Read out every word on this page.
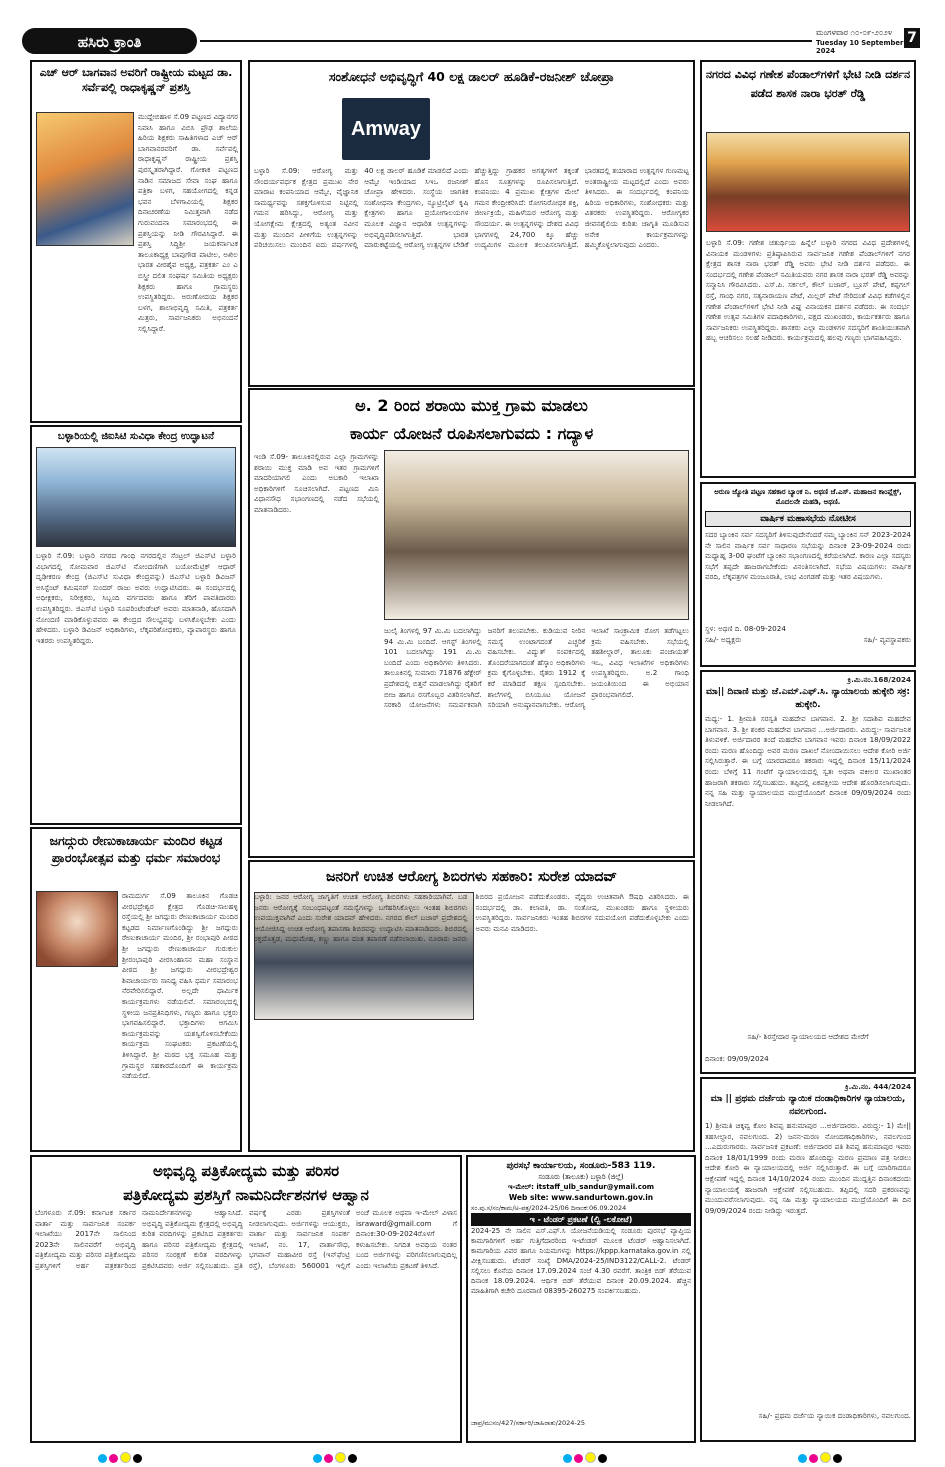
ಹಸಿರು ಕ್ರಾಂತಿ
ಮಂಗಳವಾರ ೧೦-೦೯-೨೦೨೪
Tuesday 10 September 2024
7
ಎಚ್ ಆರ್ ಬಾಗವಾನ ಅವರಿಗೆ ರಾಷ್ಟ್ರೀಯ ಮಟ್ಟದ ಡಾ. ಸರ್ವೆಪಲ್ಲಿ ರಾಧಾಕೃಷ್ಣನ್ ಪ್ರಶಸ್ತಿ
ಮುದ್ದೇಬಿಹಾಳ ಸೆ.09 ಪಟ್ಟಣದ ವಿದ್ಯಾನಗರ ನಿವಾಸಿ ಹಾಗೂ ವಿಬಿಸಿ ಪ್ರೌಢ ಶಾಲೆಯ ಹಿರಿಯ ಶಿಕ್ಷಕರು ಸಾಹಿತಿಗಳಾದ ಎಚ್ ಆರ್ ಬಾಗವಾನರವರಿಗೆ ಡಾ. ಸರ್ವೆಪಲ್ಲಿ ರಾಧಾಕೃಷ್ಣನ್ ರಾಷ್ಟ್ರೀಯ ಪ್ರಶಸ್ತಿ ಪುರಸ್ಕೃತರಾಗಿದ್ದಾರೆ. ಗೋಕಾಕ ಪಟ್ಟಣದ ನಾಡಿನ ಸಮಾಜದ ಸೇವಾ ಸಂಘ ಹಾಗೂ ಪತ್ರಿಕಾ ಬಳಗ, ಸಹಯೋಗದಲ್ಲಿ ಕನ್ನಡ ಭವನ ಬೆಳಗಾವಿಯಲ್ಲಿ ಶಿಕ್ಷಕರ ದಿನಾಚರಣೆಯ ನಿಮಿತ್ತವಾಗಿ ನಡೆದ ಗುರುವಂದನಾ ಸಮಾರಂಭದಲ್ಲಿ ಈ ಪ್ರಶಸ್ತಿಯನ್ನು ನೀಡಿ ಗೌರವಿಸಿದ್ದಾರೆ. ಈ ಪ್ರಶಸ್ತಿ ಸಿದ್ಧಿಶ್ರೀ ಜಯಕರ್ನಾಟಕ ತಾಲೂಕಾಧ್ಯಕ್ಷ ಬಾಪುಗೌಡ ಪಾಟೀಲ, ಅಖಿಲ ಭಾರತ ವೀರಶೈವ ಅಧ್ಯಕ್ಷ, ಪತ್ರಕರ್ತ ಎಂ ಎ ಬಿಸ್ತ್ರೀ ದಲಿತ ಸಂಘರ್ಷ ಸಮಿತಿಯ ಅಧ್ಯಕ್ಷರು ಶಿಕ್ಷಕರು ಹಾಗೂ ಗ್ರಾಮಸ್ಥರು ಉಪಸ್ಥಿತರಿದ್ದರು. ಅರುಣೋದಯ ಶಿಕ್ಷಕರ ಬಳಗ, ಶಾಲಾಭಿವೃದ್ಧಿ ಸಮಿತಿ, ಪತ್ರಕರ್ತ ಮಿತ್ರರು, ಸಾರ್ವಜನಿಕರು ಅಭಿನಂದನೆ ಸಲ್ಲಿಸಿದ್ದಾರೆ.
ಬಳ್ಳಾರಿಯಲ್ಲಿ ಜಿಐಸಿಟಿ ಸುವಿಧಾ ಕೇಂದ್ರ ಉದ್ಘಾಟನೆ
ಬಳ್ಳಾರಿ ಸೆ.09: ಬಳ್ಳಾರಿ ನಗರದ ಗಾಂಧಿ ನಗರದಲ್ಲಿನ ಸೆಂಟ್ರಲ್ ಜಿಎಸ್‌ಟಿ ಬಳ್ಳಾರಿ ವಿಭಾಗದಲ್ಲಿ ಸೋಮವಾರ ಜಿಎಸ್‌ಟಿ ನೋಂದಣಿಗಾಗಿ ಬಯೋಮೆಟ್ರಿಕ್ ಆಧಾರ್ ದೃಢೀಕರಣ ಕೇಂದ್ರ (ಜಿಎಸ್‌ಟಿ ಸುವಿಧಾ ಕೇಂದ್ರವನ್ನು) ಜಿಎಸ್‌ಟಿ ಬಳ್ಳಾರಿ ಡಿವಿಜನ್ ಅಸಿಸ್ಟೆಂಟ್ ಕಮಿಷನರ್ ಸುಂದರ್ ರಾಜು ಅವರು ಉದ್ಘಾಟಿಸಿದರು. ಈ ಸಂದರ್ಭದಲ್ಲಿ ಅಧೀಕ್ಷಕರು, ನಿರೀಕ್ಷಕರು, ಸಿಬ್ಬಂದಿ ವರ್ಗದವರು ಹಾಗೂ ತೆರಿಗೆ ಪಾವತಿದಾರರು ಉಪಸ್ಥಿತರಿದ್ದರು. ಜಿಎಸ್‌ಟಿ ಬಳ್ಳಾರಿ ಸೂಪರಿಂಟೆಂಡೆಂಟ್ ಅವರು ಮಾತನಾಡಿ, ಹೊಸದಾಗಿ ನೋಂದಣಿ ಮಾಡಿಕೊಳ್ಳುವವರು ಈ ಕೇಂದ್ರದ ಸೌಲಭ್ಯವನ್ನು ಬಳಸಿಕೊಳ್ಳಬೇಕು ಎಂದು ಹೇಳಿದರು. ಬಳ್ಳಾರಿ ಡಿವಿಜನ್ ಅಧಿಕಾರಿಗಳು, ಲೆಕ್ಕಪರಿಶೋಧಕರು, ವ್ಯಾಪಾರಸ್ಥರು ಹಾಗೂ ಇತರರು ಉಪಸ್ಥಿತರಿದ್ದರು.
ಜಗದ್ಗುರು ರೇಣುಕಾಚಾರ್ಯ ಮಂದಿರ ಕಟ್ಟಡ ಪ್ರಾರಂಭೋತ್ಸವ ಮತ್ತು ಧರ್ಮ ಸಮಾರಂಭ
ರಾಮದುರ್ಗ ಸೆ.09 ತಾಲೂಕಿನ ಗೊಡಚಿ ವೀರಭದ್ರೇಶ್ವರ ಕ್ಷೇತ್ರದ ಗೊಡಚಿ-ಸಾಲಹಳ್ಳಿ ರಸ್ತೆಯಲ್ಲಿ ಶ್ರೀ ಜಗದ್ಗುರು ರೇಣುಕಾಚಾರ್ಯ ಮಂದಿರ ಕಟ್ಟಡದ ನಿರ್ಮಾಣಗೊಂಡಿದ್ದು ಶ್ರೀ ಜಗದ್ಗುರು ರೇಣುಕಾಚಾರ್ಯ ಮಂದಿರ, ಶ್ರೀ ರಂಭಾಪುರಿ ಪೀಠದ ಶ್ರೀ ಜಗದ್ಗುರು ರೇಣುಕಾಚಾರ್ಯ ಗುರುಕುಲ ಶ್ರೀರಂಭಾಪುರಿ ವೀರಸಿಂಹಾಸನ ಮಹಾ ಸಂಸ್ಥಾನ ಪೀಠದ ಶ್ರೀ ಜಗದ್ಗುರು ವೀರಭದ್ರೇಶ್ವರ ಶಿವಾಚಾರ್ಯರು ಸಾನಿಧ್ಯ ವಹಿಸಿ ಧರ್ಮ ಸಮಾರಂಭ ನೆರವೇರಿಸಲಿದ್ದಾರೆ. ಅಲ್ಲದೇ ಧಾರ್ಮಿಕ ಕಾರ್ಯಕ್ರಮಗಳು ನಡೆಯಲಿವೆ. ಸಮಾರಂಭದಲ್ಲಿ ಸ್ಥಳೀಯ ಜನಪ್ರತಿನಿಧಿಗಳು, ಗಣ್ಯರು ಹಾಗೂ ಭಕ್ತರು ಭಾಗವಹಿಸಲಿದ್ದಾರೆ. ಭಕ್ತಾದಿಗಳು ಆಗಮಿಸಿ ಕಾರ್ಯಕ್ರಮವನ್ನು ಯಶಸ್ವಿಗೊಳಿಸಬೇಕೆಂದು ಕಾರ್ಯಕ್ರಮ ಸಂಘಟಕರು ಪ್ರಕಟಣೆಯಲ್ಲಿ ತಿಳಿಸಿದ್ದಾರೆ. ಶ್ರೀ ಮಠದ ಭಕ್ತ ಸಮೂಹ ಮತ್ತು ಗ್ರಾಮಸ್ಥರ ಸಹಕಾರದೊಂದಿಗೆ ಈ ಕಾರ್ಯಕ್ರಮ ನಡೆಯಲಿದೆ.
ಸಂಶೋಧನೆ ಅಭಿವೃದ್ಧಿಗೆ 40 ಲಕ್ಷ ಡಾಲರ್ ಹೂಡಿಕೆ-ರಜನೀಶ್ ಚೋಪ್ರಾ
Amway
ಬಳ್ಳಾರಿ ಸೆ.09: ಆರೋಗ್ಯ ಮತ್ತು ಸೌಂದರ್ಯವರ್ಧಕ ಕ್ಷೇತ್ರದ ಪ್ರಮುಖ ನೇರ ಮಾರಾಟ ಕಂಪನಿಯಾದ ಆಮ್ವೇ, ವೈಜ್ಞಾನಿಕ ಸಾಮರ್ಥ್ಯವನ್ನು ಸಶಕ್ತಗೊಳಿಸುವ ನಿಟ್ಟಿನಲ್ಲಿ ಗಮನ ಹರಿಸಿದ್ದು, ಆರೋಗ್ಯ ಮತ್ತು ಯೋಗಕ್ಷೇಮ ಕ್ಷೇತ್ರದಲ್ಲಿ ಅತ್ಯಂತ ನವೀನ ಮತ್ತು ಮುಂದಿನ ಪೀಳಿಗೆಯ ಉತ್ಪನ್ನಗಳನ್ನು ಪರಿಚಯಿಸಲು ಮುಂದಿನ ಐದು ವರ್ಷಗಳಲ್ಲಿ 40 ಲಕ್ಷ ಡಾಲರ್ ಹೂಡಿಕೆ ಮಾಡಲಿದೆ ಎಂದು ಆಮ್ವೇ ಇಂಡಿಯಾದ ಸಿಇಒ ರಜನೀಶ್ ಚೋಪ್ರಾ ಹೇಳಿದರು. ಸಂಸ್ಥೆಯ ಜಾಗತಿಕ ಸಂಶೋಧನಾ ಕೇಂದ್ರಗಳು, ನ್ಯೂಟ್ರಿಲೈಟ್ ಕೃಷಿ ಕ್ಷೇತ್ರಗಳು ಹಾಗೂ ಪ್ರಯೋಗಾಲಯಗಳ ಮೂಲಕ ವಿಜ್ಞಾನ ಆಧಾರಿತ ಉತ್ಪನ್ನಗಳನ್ನು ಅಭಿವೃದ್ಧಿಪಡಿಸಲಾಗುತ್ತಿದೆ. ಭಾರತ ಮಾರುಕಟ್ಟೆಯಲ್ಲಿ ಆರೋಗ್ಯ ಉತ್ಪನ್ನಗಳ ಬೇಡಿಕೆ ಹೆಚ್ಚುತ್ತಿದ್ದು ಗ್ರಾಹಕರ ಅಗತ್ಯಗಳಿಗೆ ತಕ್ಕಂತೆ ಹೊಸ ಸೂತ್ರಗಳನ್ನು ರೂಪಿಸಲಾಗುತ್ತಿದೆ. ಕಂಪನಿಯು 4 ಪ್ರಮುಖ ಕ್ಷೇತ್ರಗಳ ಮೇಲೆ ಗಮನ ಕೇಂದ್ರೀಕರಿಸಿದೆ: ರೋಗನಿರೋಧಕ ಶಕ್ತಿ, ಜೀರ್ಣಕ್ರಿಯೆ, ಮಹಿಳೆಯರ ಆರೋಗ್ಯ ಮತ್ತು ಸೌಂದರ್ಯ. ಈ ಉತ್ಪನ್ನಗಳನ್ನು ದೇಶದ ವಿವಿಧ ಭಾಗಗಳಲ್ಲಿ 24,700 ಕ್ಕೂ ಹೆಚ್ಚು ಉದ್ಯಮಿಗಳ ಮೂಲಕ ತಲುಪಿಸಲಾಗುತ್ತಿದೆ. ಭಾರತದಲ್ಲಿ ತಯಾರಾದ ಉತ್ಪನ್ನಗಳ ಗುಣಮಟ್ಟ ಅಂತರಾಷ್ಟ್ರೀಯ ಮಟ್ಟದಲ್ಲಿದೆ ಎಂದು ಅವರು ತಿಳಿಸಿದರು. ಈ ಸಂದರ್ಭದಲ್ಲಿ ಕಂಪನಿಯ ಹಿರಿಯ ಅಧಿಕಾರಿಗಳು, ಸಂಶೋಧಕರು ಮತ್ತು ವಿತರಕರು ಉಪಸ್ಥಿತರಿದ್ದರು. ಆರೋಗ್ಯಕರ ಜೀವನಶೈಲಿಯ ಕುರಿತು ಜಾಗೃತಿ ಮೂಡಿಸುವ ಅನೇಕ ಕಾರ್ಯಕ್ರಮಗಳನ್ನು ಹಮ್ಮಿಕೊಳ್ಳಲಾಗುವುದು ಎಂದರು.
ನಗರದ ವಿವಿಧ ಗಣೇಶ ಪೆಂಡಾಲ್‌ಗಳಿಗೆ ಭೇಟಿ ನೀಡಿ ದರ್ಶನ ಪಡೆದ ಶಾಸಕ ನಾರಾ ಭರತ್ ರೆಡ್ಡಿ
ಬಳ್ಳಾರಿ ಸೆ.09: ಗಣೇಶ ಚತುರ್ಥಿಯ ಹಿನ್ನೆಲೆ ಬಳ್ಳಾರಿ ನಗರದ ವಿವಿಧ ಪ್ರದೇಶಗಳಲ್ಲಿ ವಿನಾಯಕ ಮಂಡಳಿಗಳು ಪ್ರತಿಷ್ಠಾಪಿಸಿರುವ ಸಾರ್ವಜನಿಕ ಗಣೇಶ ಪೆಂಡಾಲ್‌ಗಳಿಗೆ ನಗರ ಕ್ಷೇತ್ರದ ಶಾಸಕ ನಾರಾ ಭರತ್ ರೆಡ್ಡಿ ಅವರು ಭೇಟಿ ನೀಡಿ ದರ್ಶನ ಪಡೆದರು. ಈ ಸಂದರ್ಭದಲ್ಲಿ ಗಣೇಶ ಪೆಂಡಾಲ್ ಸಮಿತಿಯವರು ನಗರ ಶಾಸಕ ನಾರಾ ಭರತ್ ರೆಡ್ಡಿ ಅವರನ್ನು ಸನ್ಮಾನಿಸಿ ಗೌರವಿಸಿದರು. ಎಸ್.ಪಿ. ಸರ್ಕಲ್, ಕೌಲ್ ಬಜಾರ್, ಬ್ರೂಸ್ ಪೇಟೆ, ಕಪ್ಪಗಲ್ ರಸ್ತೆ, ಗಾಂಧಿ ನಗರ, ಸತ್ಯನಾರಾಯಣ ಪೇಟೆ, ಮಿಲ್ಲರ್ ಪೇಟೆ ಸೇರಿದಂತೆ ವಿವಿಧ ಕಡೆಗಳಲ್ಲಿನ ಗಣೇಶ ಪೆಂಡಾಲ್‌ಗಳಿಗೆ ಭೇಟಿ ನೀಡಿ ವಿಘ್ನ ವಿನಾಯಕನ ದರ್ಶನ ಪಡೆದರು. ಈ ಸಂದರ್ಭ ಗಣೇಶ ಉತ್ಸವ ಸಮಿತಿಗಳ ಪದಾಧಿಕಾರಿಗಳು, ಪಕ್ಷದ ಮುಖಂಡರು, ಕಾರ್ಯಕರ್ತರು ಹಾಗೂ ಸಾರ್ವಜನಿಕರು ಉಪಸ್ಥಿತರಿದ್ದರು. ಶಾಸಕರು ಎಲ್ಲಾ ಮಂಡಳಿಗಳ ಸದಸ್ಯರಿಗೆ ಶಾಂತಿಯುತವಾಗಿ ಹಬ್ಬ ಆಚರಿಸಲು ಸಲಹೆ ನೀಡಿದರು. ಕಾರ್ಯಕ್ರಮದಲ್ಲಿ ಹಲವು ಗಣ್ಯರು ಭಾಗವಹಿಸಿದ್ದರು.
ಅ. 2 ರಿಂದ ಶರಾಯಿ ಮುಕ್ತ ಗ್ರಾಮ ಮಾಡಲು
ಕಾರ್ಯ ಯೋಜನೆ ರೂಪಿಸಲಾಗುವದು : ಗದ್ಯಾಳ
ಇಂಡಿ ಸೆ.09- ತಾಲೂಕಿನಲ್ಲಿರುವ ಎಲ್ಲಾ ಗ್ರಾಮಗಳನ್ನು ಶರಾಯಿ ಮುಕ್ತ ಮಾಡಿ ಅವ ಇತರ ಗ್ರಾಮಗಳಿಗೆ ಮಾದರಿಯಾಗಲಿ ಎಂದು ಅಬಕಾರಿ ಇಲಾಖಾ ಅಧಿಕಾರಿಗಳಿಗೆ ಸೂಚಿಸಲಾಗಿದೆ. ಪಟ್ಟಣದ ಮಿನಿ ವಿಧಾನಸೌಧ ಸಭಾಂಗಣದಲ್ಲಿ ನಡೆದ ಸಭೆಯಲ್ಲಿ ಮಾತನಾಡಿದರು.
ಜುಲೈ ತಿಂಗಳಲ್ಲಿ 97 ಮಿ.ಮಿ ಬದಲಾಗಿದ್ದು 94 ಮಿ.ಮಿ ಬಂದಿದೆ. ಆಗಸ್ಟ್ ತಿಂಗಳಲ್ಲಿ 101 ಬದಲಾಗಿದ್ದು 191 ಮಿ.ಮಿ ಬಂದಿದೆ ಎಂದು ಅಧಿಕಾರಿಗಳು ತಿಳಿಸಿದರು. ತಾಲೂಕಿನಲ್ಲಿ ಸುಮಾರು 71876 ಹೆಕ್ಟೇರ್ ಪ್ರದೇಶದಲ್ಲಿ ಬಿತ್ತನೆ ಮಾಡಲಾಗಿದ್ದು ರೈತರಿಗೆ ಬೀಜ ಹಾಗೂ ರಸಗೊಬ್ಬರ ವಿತರಿಸಲಾಗಿದೆ. ಸರಕಾರಿ ಯೋಜನೆಗಳು ಸಮರ್ಪಕವಾಗಿ ಜನರಿಗೆ ತಲುಪಬೇಕು. ಕುಡಿಯುವ ನೀರಿನ ಸಮಸ್ಯೆ ಉಂಟಾಗದಂತೆ ಎಚ್ಚರಿಕೆ ವಹಿಸಬೇಕು. ವಿದ್ಯುತ್ ಸಂಪರ್ಕದಲ್ಲಿ ತೊಂದರೆಯಾಗದಂತೆ ಹೆಸ್ಕಾಂ ಅಧಿಕಾರಿಗಳು ಕ್ರಮ ಕೈಗೊಳ್ಳಬೇಕು. ರೈತರು 1912 ಕ್ಕೆ ಕರೆ ಮಾಡಿದರೆ ತಕ್ಷಣ ಸ್ಪಂದಿಸಬೇಕು. ಶಾಲೆಗಳಲ್ಲಿ ಬಿಸಿಯೂಟ ಯೋಜನೆ ಸರಿಯಾಗಿ ಅನುಷ್ಠಾನವಾಗಬೇಕು. ಆರೋಗ್ಯ ಇಲಾಖೆ ಸಾಂಕ್ರಾಮಿಕ ರೋಗ ತಡೆಗಟ್ಟಲು ಕ್ರಮ ವಹಿಸಬೇಕು. ಸಭೆಯಲ್ಲಿ ತಹಶೀಲ್ದಾರ್, ತಾಲೂಕು ಪಂಚಾಯತ್ ಇಒ, ವಿವಿಧ ಇಲಾಖೆಗಳ ಅಧಿಕಾರಿಗಳು ಉಪಸ್ಥಿತರಿದ್ದರು. ಅ.2 ಗಾಂಧಿ ಜಯಂತಿಯಿಂದ ಈ ಅಭಿಯಾನ ಪ್ರಾರಂಭವಾಗಲಿದೆ.
ಅರುಣ ಜ್ಯೋತಿ ಪಟ್ಟಣ ಸಹಕಾರ ಬ್ಯಾಂಕ ನಿ. ಅಥಣಿ ಜೆ.ಎಸ್. ಮಹಾಜನ ಕಾಂಪ್ಲೆಕ್ಸ್, ಮೊದಲನೇ ಮಹಡಿ, ಅಥಣಿ.
ವಾರ್ಷಿಕ ಮಹಾಸಭೆಯ ನೋಟೀಸ
ಸದರ ಬ್ಯಾಂಕಿನ ಸರ್ವ ಸದಸ್ಯರಿಗೆ ತಿಳಿಸುವುದೇನೆಂದರೆ ನಮ್ಮ ಬ್ಯಾಂಕಿನ ಸನ್ 2023-2024 ನೇ ಸಾಲಿನ ವಾರ್ಷಿಕ ಸರ್ವ ಸಾಧಾರಣ ಸಭೆಯನ್ನು ದಿನಾಂಕ 23-09-2024 ರಂದು ಮಧ್ಯಾಹ್ನ 3-00 ಘಂಟೆಗೆ ಬ್ಯಾಂಕಿನ ಸಭಾಂಗಣದಲ್ಲಿ ಕರೆಯಲಾಗಿದೆ. ಕಾರಣ ಎಲ್ಲಾ ಸದಸ್ಯರು ಸಭೆಗೆ ತಪ್ಪದೇ ಹಾಜರಾಗಬೇಕೆಂದು ವಿನಂತಿಸಲಾಗಿದೆ. ಸಭೆಯ ವಿಷಯಗಳು: ವಾರ್ಷಿಕ ವರದಿ, ಲೆಕ್ಕಪತ್ರಗಳ ಮಂಜೂರಾತಿ, ಲಾಭ ವಿಂಗಡಣೆ ಮತ್ತು ಇತರ ವಿಷಯಗಳು.
ಸ್ಥಳ: ಅಥಣಿ ದಿ. 08-09-2024
ಸಹಿ/- ಅಧ್ಯಕ್ಷರು	ಸಹಿ/- ವ್ಯವಸ್ಥಾಪಕರು
ಕ್ರಿ.ಮಿ.ನಂ.168/2024
ಮಾ|| ದಿವಾಣಿ ಮತ್ತು ಜೆ.ಎಮ್.ಎಫ್.ಸಿ. ನ್ಯಾಯಾಲಯ ಹುಕ್ಕೇರಿ ಸಕ್ರ: ಹುಕ್ಕೇರಿ.
ಮಧ್ಯ:- 1. ಶ್ರೀಮತಿ ಸರಸ್ವತಿ ಮಹದೇವ ಬಾಗವಾನ. 2. ಶ್ರೀ ಸದಾಶಿವ ಮಹದೇವ ಬಾಗವಾನ. 3. ಶ್ರೀ ಶಂಕರ ಮಹದೇವ ಬಾಗವಾನ ...ಅರ್ಜಿದಾರರು. ವಿರುದ್ಧ:- ಸಾರ್ವಜನಿಕ ತಿಳುವಳಿಕೆ. ಅರ್ಜಿದಾರರ ತಂದೆ ಮಹದೇವ ಬಾಗವಾನ ಇವರು ದಿನಾಂಕ 18/09/2022 ರಂದು ಮರಣ ಹೊಂದಿದ್ದು ಅವರ ಮರಣ ದಾಖಲೆ ನೋಂದಾಯಿಸಲು ಆದೇಶ ಕೋರಿ ಅರ್ಜಿ ಸಲ್ಲಿಸಿರುತ್ತಾರೆ. ಈ ಬಗ್ಗೆ ಯಾರದಾದರೂ ತಕರಾರು ಇದ್ದಲ್ಲಿ ದಿನಾಂಕ 15/11/2024 ರಂದು ಬೆಳಿಗ್ಗೆ 11 ಗಂಟೆಗೆ ನ್ಯಾಯಾಲಯದಲ್ಲಿ ಸ್ವತಃ ಅಥವಾ ವಕೀಲರ ಮುಖಾಂತರ ಹಾಜರಾಗಿ ತಕರಾರು ಸಲ್ಲಿಸಬಹುದು. ತಪ್ಪಿದಲ್ಲಿ ಏಕಪಕ್ಷೀಯ ಆದೇಶ ಹೊರಡಿಸಲಾಗುವುದು. ನನ್ನ ಸಹಿ ಮತ್ತು ನ್ಯಾಯಾಲಯದ ಮುದ್ರೆಯೊಂದಿಗೆ ದಿನಾಂಕ 09/09/2024 ರಂದು ನೀಡಲಾಗಿದೆ.
ಸಹಿ/- ಶಿರಸ್ತೇದಾರ ನ್ಯಾಯಾಲಯದ ಆದೇಶದ ಮೇರೆಗೆ
ದಿನಾಂಕ: 09/09/2024
ಕ್ರಿ.ಮಿ.ನಂ. 444/2024
ಮಾ || ಪ್ರಥಮ ದರ್ಜೆಯ ನ್ಯಾಯಿಕ ದಂಡಾಧಿಕಾರಿಗಳ ನ್ಯಾಯಾಲಯ, ನವಲಗುಂದ.
1) ಶ್ರೀಮತಿ ಚಿಕ್ಕವ್ವ ಕೋಂ ಶಿವಪ್ಪ ಹನುಮಾಪುರ ...ಅರ್ಜಿದಾರರು. ವಿರುದ್ಧ:- 1) ಮೇ|| ತಹಸೀಲ್ದಾರ, ನವಲಗುಂದ. 2) ಜನನ-ಮರಣ ನೋಂದಣಾಧಿಕಾರಿಗಳು, ನವಲಗುಂದ ...ಎದುರುಗಾರರು. ಸಾರ್ವಜನಿಕ ಪ್ರಕಟಣೆ: ಅರ್ಜಿದಾರರ ಪತಿ ಶಿವಪ್ಪ ಹನುಮಾಪುರ ಇವರು ದಿನಾಂಕ 18/01/1999 ರಂದು ಮರಣ ಹೊಂದಿದ್ದು ಮರಣ ಪ್ರಮಾಣ ಪತ್ರ ನೀಡಲು ಆದೇಶ ಕೋರಿ ಈ ನ್ಯಾಯಾಲಯದಲ್ಲಿ ಅರ್ಜಿ ಸಲ್ಲಿಸಿರುತ್ತಾರೆ. ಈ ಬಗ್ಗೆ ಯಾರಿಗಾದರೂ ಆಕ್ಷೇಪಣೆ ಇದ್ದಲ್ಲಿ ದಿನಾಂಕ 14/10/2024 ರಂದು ಮುಂದಿನ ಮುದ್ದತ್ತಿನ ದಿನಾಂಕದಂದು ನ್ಯಾಯಾಲಯಕ್ಕೆ ಹಾಜರಾಗಿ ಆಕ್ಷೇಪಣೆ ಸಲ್ಲಿಸಬಹುದು. ತಪ್ಪಿದಲ್ಲಿ ಸದರಿ ಪ್ರಕರಣವನ್ನು ಮುಂದುವರೆಸಲಾಗುವುದು. ನನ್ನ ಸಹಿ ಮತ್ತು ನ್ಯಾಯಾಲಯದ ಮುದ್ರೆಯೊಂದಿಗೆ ಈ ದಿನ 09/09/2024 ರಂದು ನೀಡಿದ್ದು ಇರುತ್ತದೆ.
ಸಹಿ/- ಪ್ರಥಮ ದರ್ಜೆಯ ನ್ಯಾಯಿಕ ದಂಡಾಧಿಕಾರಿಗಳು, ನವಲಗುಂದ.
ಜನರಿಗೆ ಉಚಿತ ಆರೋಗ್ಯ ಶಿಬಿರಗಳು ಸಹಕಾರಿ: ಸುರೇಶ ಯಾದವ್
ಬಳ್ಳಾರಿ: ಜನರ ಆರೋಗ್ಯ ಜಾಗೃತಿಗೆ ಉಚಿತ ಆರೋಗ್ಯ ಶಿಬಿರಗಳು ಸಹಕಾರಿಯಾಗಿವೆ. ಬಡ ಜನರು ಆರೋಗ್ಯಕ್ಕೆ ಸಂಬಂಧಪಟ್ಟಂತೆ ಸಮಸ್ಯೆಗಳನ್ನು ಬಗೆಹರಿಸಿಕೊಳ್ಳಲು ಇಂತಹ ಶಿಬಿರಗಳು ಉಪಯುಕ್ತವಾಗಿವೆ ಎಂದು ಸುರೇಶ ಯಾದವ್ ಹೇಳಿದರು. ನಗರದ ಕೌಲ್ ಬಜಾರ್ ಪ್ರದೇಶದಲ್ಲಿ ಆಯೋಜಿಸಿದ್ದ ಉಚಿತ ಆರೋಗ್ಯ ತಪಾಸಣಾ ಶಿಬಿರವನ್ನು ಉದ್ಘಾಟಿಸಿ ಮಾತನಾಡಿದರು. ಶಿಬಿರದಲ್ಲಿ ರಕ್ತದೊತ್ತಡ, ಮಧುಮೇಹ, ಕಣ್ಣು ಹಾಗೂ ದಂತ ತಪಾಸಣೆ ನಡೆಸಲಾಯಿತು. ನೂರಾರು ಜನರು ಶಿಬಿರದ ಪ್ರಯೋಜನ ಪಡೆದುಕೊಂಡರು. ವೈದ್ಯರು ಉಚಿತವಾಗಿ ಔಷಧಿ ವಿತರಿಸಿದರು. ಈ ಸಂದರ್ಭದಲ್ಲಿ ಡಾ. ಕಲಾವತಿ, ಡಾ. ಸಂತೋಷ, ಮುಖಂಡರು ಹಾಗೂ ಸ್ಥಳೀಯರು ಉಪಸ್ಥಿತರಿದ್ದರು. ಸಾರ್ವಜನಿಕರು ಇಂತಹ ಶಿಬಿರಗಳ ಸದುಪಯೋಗ ಪಡೆದುಕೊಳ್ಳಬೇಕು ಎಂದು ಅವರು ಮನವಿ ಮಾಡಿದರು.
ಅಭಿವೃದ್ಧಿ ಪತ್ರಿಕೋದ್ಯಮ ಮತ್ತು ಪರಿಸರ
ಪತ್ರಿಕೋದ್ಯಮ ಪ್ರಶಸ್ತಿಗೆ ನಾಮನಿರ್ದೇಶನಗಳ ಆಹ್ವಾನ
ಬೆಂಗಳೂರು ಸೆ.09: ಕರ್ನಾಟಕ ಸರ್ಕಾರ ವಾರ್ತಾ ಮತ್ತು ಸಾರ್ವಜನಿಕ ಸಂಪರ್ಕ ಇಲಾಖೆಯು 2017ನೇ ಸಾಲಿನಿಂದ 2023ನೇ ಸಾಲಿನವರೆಗೆ ಅಭಿವೃದ್ಧಿ ಪತ್ರಿಕೋದ್ಯಮ ಮತ್ತು ಪರಿಸರ ಪತ್ರಿಕೋದ್ಯಮ ಪ್ರಶಸ್ತಿಗಳಿಗೆ ಅರ್ಹ ಪತ್ರಕರ್ತರಿಂದ ನಾಮನಿರ್ದೇಶನಗಳನ್ನು ಆಹ್ವಾನಿಸಿದೆ. ಅಭಿವೃದ್ಧಿ ಪತ್ರಿಕೋದ್ಯಮ ಕ್ಷೇತ್ರದಲ್ಲಿ ಅಭಿವೃದ್ಧಿ ಕುರಿತ ವರದಿಗಳನ್ನು ಪ್ರಕಟಿಸಿದ ಪತ್ರಕರ್ತರು ಹಾಗೂ ಪರಿಸರ ಪತ್ರಿಕೋದ್ಯಮ ಕ್ಷೇತ್ರದಲ್ಲಿ ಪರಿಸರ ಸಂರಕ್ಷಣೆ ಕುರಿತ ವರದಿಗಳನ್ನು ಪ್ರಕಟಿಸಿದವರು ಅರ್ಜಿ ಸಲ್ಲಿಸಬಹುದು. ಪ್ರತಿ ವರ್ಷಕ್ಕೆ ಎರಡು ಪ್ರಶಸ್ತಿಗಳಂತೆ ನೀಡಲಾಗುವುದು. ಅರ್ಜಿಗಳನ್ನು ಆಯುಕ್ತರು, ವಾರ್ತಾ ಮತ್ತು ಸಾರ್ವಜನಿಕ ಸಂಪರ್ಕ ಇಲಾಖೆ, ನಂ. 17, ವಾರ್ತಾಸೌಧ, ಭಗವಾನ್ ಮಹಾವೀರ ರಸ್ತೆ (ಇನ್‌ಫೆಂಟ್ರಿ ರಸ್ತೆ), ಬೆಂಗಳೂರು 560001 ಇಲ್ಲಿಗೆ ಅಂಚೆ ಮೂಲಕ ಅಥವಾ ಇ-ಮೇಲ್ ವಿಳಾಸ israward@gmail.com ಗೆ ದಿನಾಂಕ:30-09-2024ರೊಳಗೆ ಕಳುಹಿಸಬೇಕು. ನಿಗದಿತ ಅವಧಿಯ ನಂತರ ಬಂದ ಅರ್ಜಿಗಳನ್ನು ಪರಿಗಣಿಸಲಾಗುವುದಿಲ್ಲ ಎಂದು ಇಲಾಖೆಯ ಪ್ರಕಟಣೆ ತಿಳಿಸಿದೆ.
ಪುರಸಭೆ ಕಾರ್ಯಾಲಯ, ಸಂಡೂರು-583 119.
ಸಂಡೂರು (ತಾಲೂಕು) ಬಳ್ಳಾರಿ (ಜಿಲ್ಲೆ)
ಇ-ಮೇಲ್: itstaff_ulb_sandur@ymail.com
Web site: www.sandurtown.gov.in
ಸಂ.ಪು.ಸ/ಸಂ/ಕಾಮ/ಅ-ಪತ್ರ/2024-25/06 ದಿನಾಂಕ:06.09.2024
ಇ - ಟೆಂಡರ್ ಪ್ರಕಟಣೆ (ಲ್ವಿ -ಲಕೋಟೆ)
2024-25 ನೇ ಸಾಲಿನ ಎಸ್.ಎಫ್.ಸಿ ಯೋಜನೆಯಡಿಯಲ್ಲಿ ಸಂಡೂರು ಪುರಸಭೆ ವ್ಯಾಪ್ತಿಯ ಕಾಮಗಾರಿಗಳಿಗೆ ಅರ್ಹ ಗುತ್ತಿಗೆದಾರರಿಂದ ಇ-ಟೆಂಡರ್ ಮೂಲಕ ಟೆಂಡರ್ ಆಹ್ವಾನಿಸಲಾಗಿದೆ. ಕಾಮಗಾರಿಯ ವಿವರ ಹಾಗೂ ನಿಯಮಗಳನ್ನು https://kppp.karnataka.gov.in ನಲ್ಲಿ ವೀಕ್ಷಿಸಬಹುದು. ಟೆಂಡರ್ ಸಂಖ್ಯೆ DMA/2024-25/IND3122/CALL-2. ಟೆಂಡರ್ ಸಲ್ಲಿಸಲು ಕೊನೆಯ ದಿನಾಂಕ 17.09.2024 ಸಂಜೆ 4.30 ರವರೆಗೆ. ತಾಂತ್ರಿಕ ಬಿಡ್ ತೆರೆಯುವ ದಿನಾಂಕ 18.09.2024. ಆರ್ಥಿಕ ಬಿಡ್ ತೆರೆಯುವ ದಿನಾಂಕ 20.09.2024. ಹೆಚ್ಚಿನ ಮಾಹಿತಿಗಾಗಿ ಕಚೇರಿ ದೂರವಾಣಿ 08395-260275 ಸಂಪರ್ಕಿಸಬಹುದು.
ಜಾಪ್ರ/ಮುಸಂ/427/ಸರ್ಕಾರಿ/ಜಾಹಿರಾತು/2024-25
